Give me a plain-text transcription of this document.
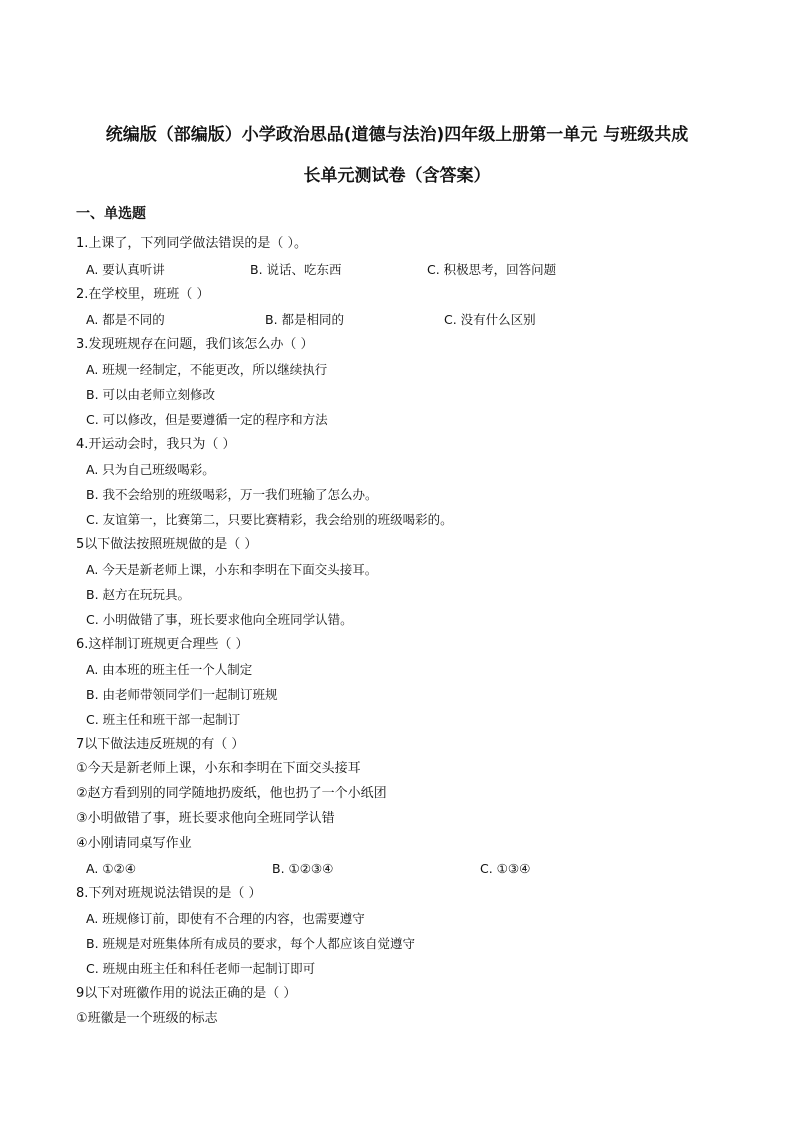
统编版（部编版）小学政治思品(道德与法治)四年级上册第一单元 与班级共成
长单元测试卷（含答案）
一、单选题
1.上课了，下列同学做法错误的是（ ）。
A. 要认真听讲	B. 说话、吃东西	C. 积极思考，回答问题
2.在学校里，班班（ ）
A. 都是不同的	B. 都是相同的	C. 没有什么区别
3.发现班规存在问题，我们该怎么办（ ）
A. 班规一经制定，不能更改，所以继续执行
B. 可以由老师立刻修改
C. 可以修改，但是要遵循一定的程序和方法
4.开运动会时，我只为（ ）
A. 只为自己班级喝彩。
B. 我不会给别的班级喝彩，万一我们班输了怎么办。
C. 友谊第一，比赛第二，只要比赛精彩，我会给别的班级喝彩的。
5以下做法按照班规做的是（ ）
A. 今天是新老师上课，小东和李明在下面交头接耳。
B. 赵方在玩玩具。
C. 小明做错了事，班长要求他向全班同学认错。
6.这样制订班规更合理些（ ）
A. 由本班的班主任一个人制定
B. 由老师带领同学们一起制订班规
C. 班主任和班干部一起制订
7以下做法违反班规的有（ ）
①今天是新老师上课，小东和李明在下面交头接耳
②赵方看到别的同学随地扔废纸，他也扔了一个小纸团
③小明做错了事，班长要求他向全班同学认错
④小刚请同桌写作业
A. ①②④	B. ①②③④	C. ①③④
8.下列对班规说法错误的是（ ）
A. 班规修订前，即使有不合理的内容，也需要遵守
B. 班规是对班集体所有成员的要求，每个人都应该自觉遵守
C. 班规由班主任和科任老师一起制订即可
9以下对班徽作用的说法正确的是（ ）
①班徽是一个班级的标志
